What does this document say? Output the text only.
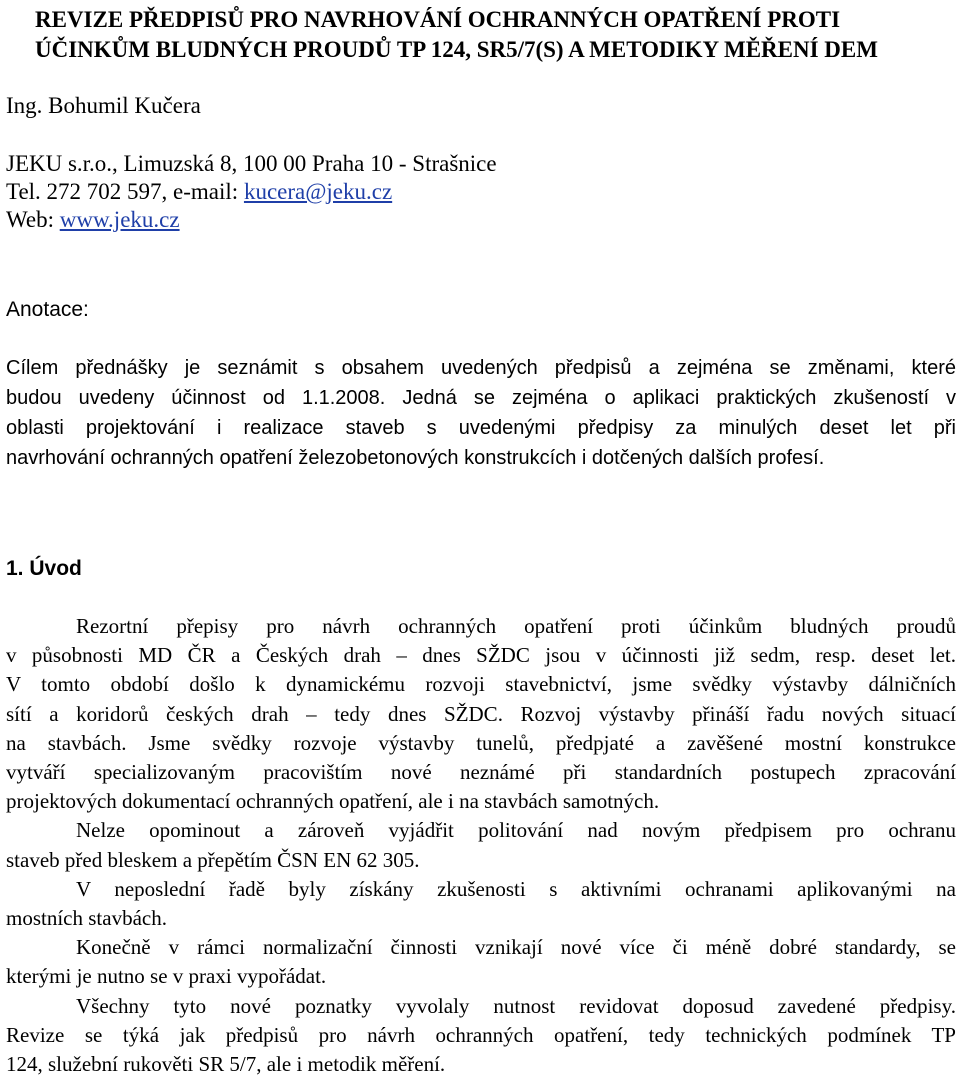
REVIZE PŘEDPISŮ PRO NAVRHOVÁNÍ OCHRANNÝCH OPATŘENÍ PROTI
ÚČINKŮM BLUDNÝCH PROUDŮ TP 124, SR5/7(S) A METODIKY MĚŘENÍ DEM
Ing. Bohumil Kučera
JEKU s.r.o., Limuzská 8, 100 00 Praha 10 - Strašnice
Tel. 272 702 597, e-mail: kucera@jeku.cz
Web: www.jeku.cz
Anotace:
Cílem přednášky je seznámit s obsahem uvedených předpisů a zejména se změnami, které
budou uvedeny účinnost od 1.1.2008. Jedná se zejména o aplikaci praktických zkušeností v
oblasti projektování i realizace staveb s uvedenými předpisy za minulých deset let při
navrhování ochranných opatření železobetonových konstrukcích i dotčených dalších profesí.
1. Úvod
Rezortní přepisy pro návrh ochranných opatření proti účinkům bludných proudů
v působnosti MD ČR a Českých drah – dnes SŽDC jsou v účinnosti již sedm, resp. deset let.
V tomto období došlo k dynamickému rozvoji stavebnictví, jsme svědky výstavby dálničních
sítí a koridorů českých drah – tedy dnes SŽDC. Rozvoj výstavby přináší řadu nových situací
na stavbách. Jsme svědky rozvoje výstavby tunelů, předpjaté a zavěšené mostní konstrukce
vytváří specializovaným pracovištím nové neznámé při standardních postupech zpracování
projektových dokumentací ochranných opatření, ale i na stavbách samotných.
Nelze opominout a zároveň vyjádřit politování nad novým předpisem pro ochranu
staveb před bleskem a přepětím ČSN EN 62 305.
V neposlední řadě byly získány zkušenosti s aktivními ochranami aplikovanými na
mostních stavbách.
Konečně v rámci normalizační činnosti vznikají nové více či méně dobré standardy, se
kterými je nutno se v praxi vypořádat.
Všechny tyto nové poznatky vyvolaly nutnost revidovat doposud zavedené předpisy.
Revize se týká jak předpisů pro návrh ochranných opatření, tedy technických podmínek TP
124, služební rukověti SR 5/7, ale i metodik měření.
